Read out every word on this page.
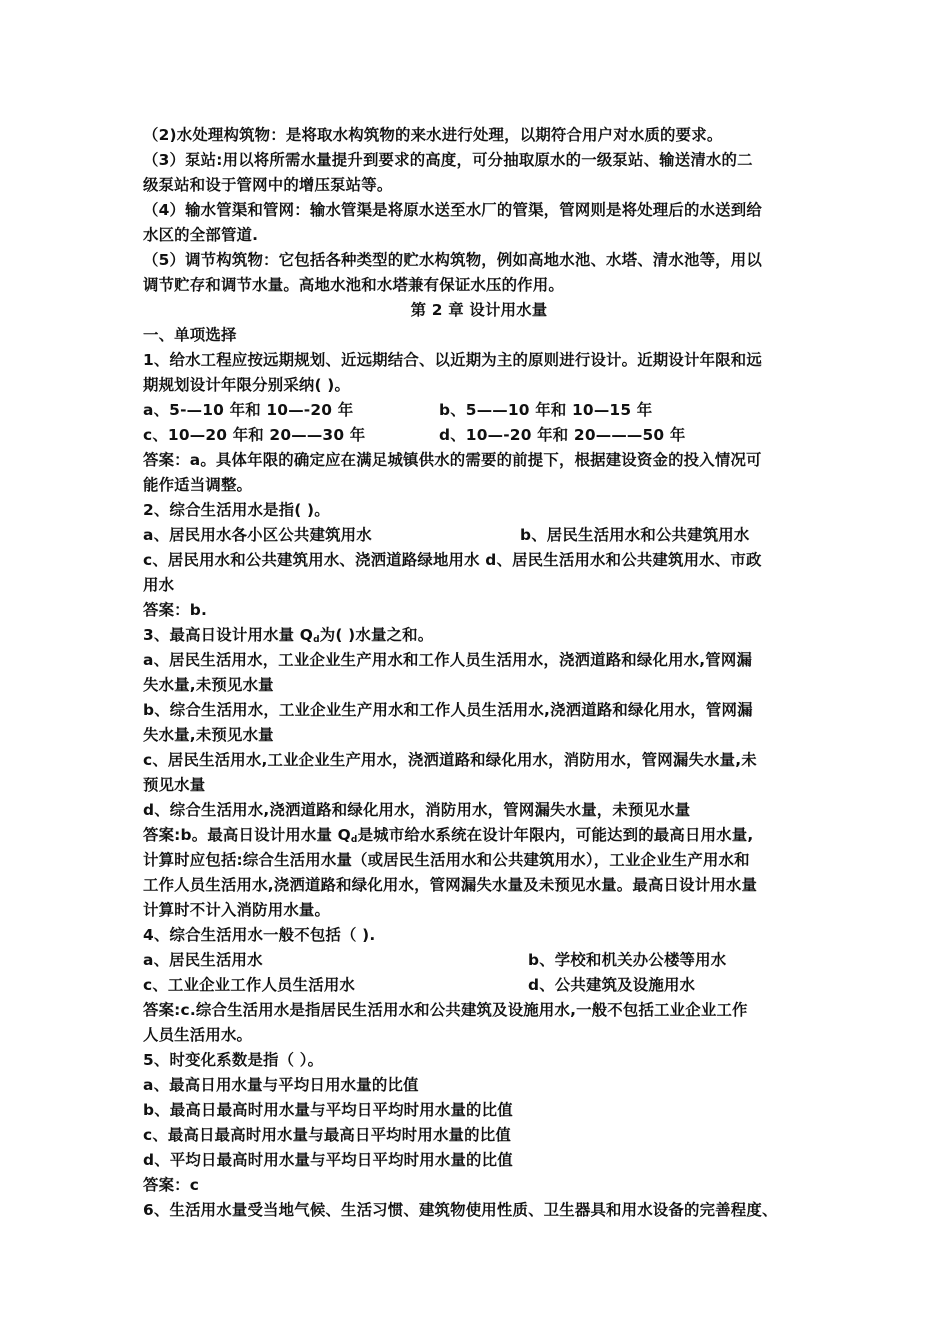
（2)水处理构筑物：是将取水构筑物的来水进行处理，以期符合用户对水质的要求。
（3）泵站:用以将所需水量提升到要求的高度，可分抽取原水的一级泵站、输送清水的二
级泵站和设于管网中的增压泵站等。
（4）输水管渠和管网：输水管渠是将原水送至水厂的管渠，管网则是将处理后的水送到给
水区的全部管道.
（5）调节构筑物：它包括各种类型的贮水构筑物，例如高地水池、水塔、清水池等，用以
调节贮存和调节水量。高地水池和水塔兼有保证水压的作用。
第 2 章 设计用水量
一、单项选择
1、给水工程应按远期规划、近远期结合、以近期为主的原则进行设计。近期设计年限和远
期规划设计年限分别采纳( )。
a、5-—10 年和 10—-20 年	b、5——10 年和 10—15 年
c、10—20 年和 20——30 年	d、10—-20 年和 20———50 年
答案：a。具体年限的确定应在满足城镇供水的需要的前提下，根据建设资金的投入情况可
能作适当调整。
2、综合生活用水是指( )。
a、居民用水各小区公共建筑用水	b、居民生活用水和公共建筑用水
c、居民用水和公共建筑用水、浇洒道路绿地用水 d、居民生活用水和公共建筑用水、市政
用水
答案：b.
3、最高日设计用水量 $Q_d$为( )水量之和。
a、居民生活用水，工业企业生产用水和工作人员生活用水，浇洒道路和绿化用水,管网漏
失水量,未预见水量
b、综合生活用水，工业企业生产用水和工作人员生活用水,浇洒道路和绿化用水，管网漏
失水量,未预见水量
c、居民生活用水,工业企业生产用水，浇洒道路和绿化用水，消防用水，管网漏失水量,未
预见水量
d、综合生活用水,浇洒道路和绿化用水，消防用水，管网漏失水量，未预见水量
答案:b。最高日设计用水量 $Q_d$是城市给水系统在设计年限内，可能达到的最高日用水量,
计算时应包括:综合生活用水量（或居民生活用水和公共建筑用水），工业企业生产用水和
工作人员生活用水,浇洒道路和绿化用水，管网漏失水量及未预见水量。最高日设计用水量
计算时不计入消防用水量。
4、综合生活用水一般不包括（ ).
a、居民生活用水	b、学校和机关办公楼等用水
c、工业企业工作人员生活用水	d、公共建筑及设施用水
答案:c.综合生活用水是指居民生活用水和公共建筑及设施用水,一般不包括工业企业工作
人员生活用水。
5、时变化系数是指（ ）。
a、最高日用水量与平均日用水量的比值
b、最高日最高时用水量与平均日平均时用水量的比值
c、最高日最高时用水量与最高日平均时用水量的比值
d、平均日最高时用水量与平均日平均时用水量的比值
答案：c
6、生活用水量受当地气候、生活习惯、建筑物使用性质、卫生器具和用水设备的完善程度、
